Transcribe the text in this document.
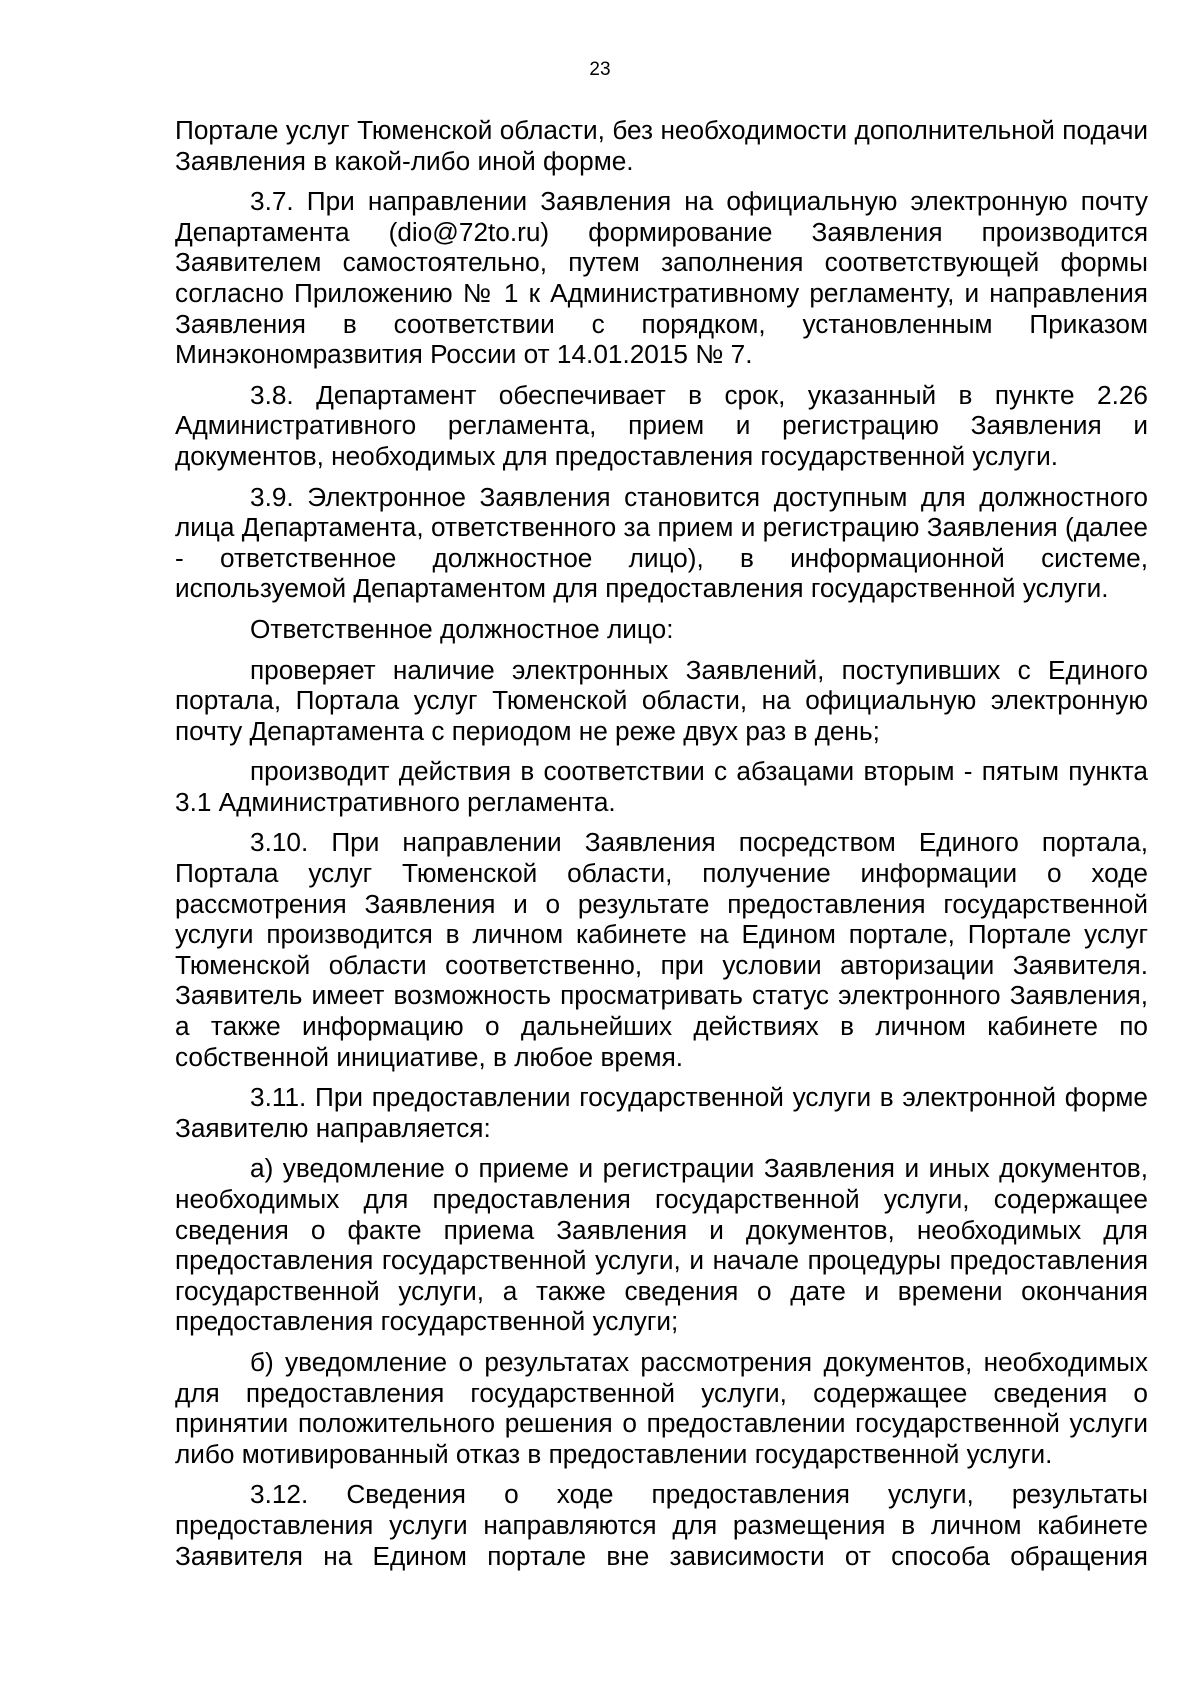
23

Портале услуг Тюменской области, без необходимости дополнительной подачи Заявления в какой-либо иной форме.

3.7. При направлении Заявления на официальную электронную почту Департамента (dio@72to.ru) формирование Заявления производится Заявителем самостоятельно, путем заполнения соответствующей формы согласно Приложению № 1 к Административному регламенту, и направления Заявления в соответствии с порядком, установленным Приказом Минэкономразвития России от 14.01.2015 № 7.

3.8. Департамент обеспечивает в срок, указанный в пункте 2.26 Административного регламента, прием и регистрацию Заявления и документов, необходимых для предоставления государственной услуги.

3.9. Электронное Заявления становится доступным для должностного лица Департамента, ответственного за прием и регистрацию Заявления (далее - ответственное должностное лицо), в информационной системе, используемой Департаментом для предоставления государственной услуги.

Ответственное должностное лицо:

проверяет наличие электронных Заявлений, поступивших с Единого портала, Портала услуг Тюменской области, на официальную электронную почту Департамента с периодом не реже двух раз в день;

производит действия в соответствии с абзацами вторым - пятым пункта 3.1 Административного регламента.

3.10. При направлении Заявления посредством Единого портала, Портала услуг Тюменской области, получение информации о ходе рассмотрения Заявления и о результате предоставления государственной услуги производится в личном кабинете на Едином портале, Портале услуг Тюменской области соответственно, при условии авторизации Заявителя. Заявитель имеет возможность просматривать статус электронного Заявления, а также информацию о дальнейших действиях в личном кабинете по собственной инициативе, в любое время.

3.11. При предоставлении государственной услуги в электронной форме Заявителю направляется:

а) уведомление о приеме и регистрации Заявления и иных документов, необходимых для предоставления государственной услуги, содержащее сведения о факте приема Заявления и документов, необходимых для предоставления государственной услуги, и начале процедуры предоставления государственной услуги, а также сведения о дате и времени окончания предоставления государственной услуги;

б) уведомление о результатах рассмотрения документов, необходимых для предоставления государственной услуги, содержащее сведения о принятии положительного решения о предоставлении государственной услуги либо мотивированный отказ в предоставлении государственной услуги.

3.12. Сведения о ходе предоставления услуги, результаты предоставления услуги направляются для размещения в личном кабинете Заявителя на Едином портале вне зависимости от способа обращения
